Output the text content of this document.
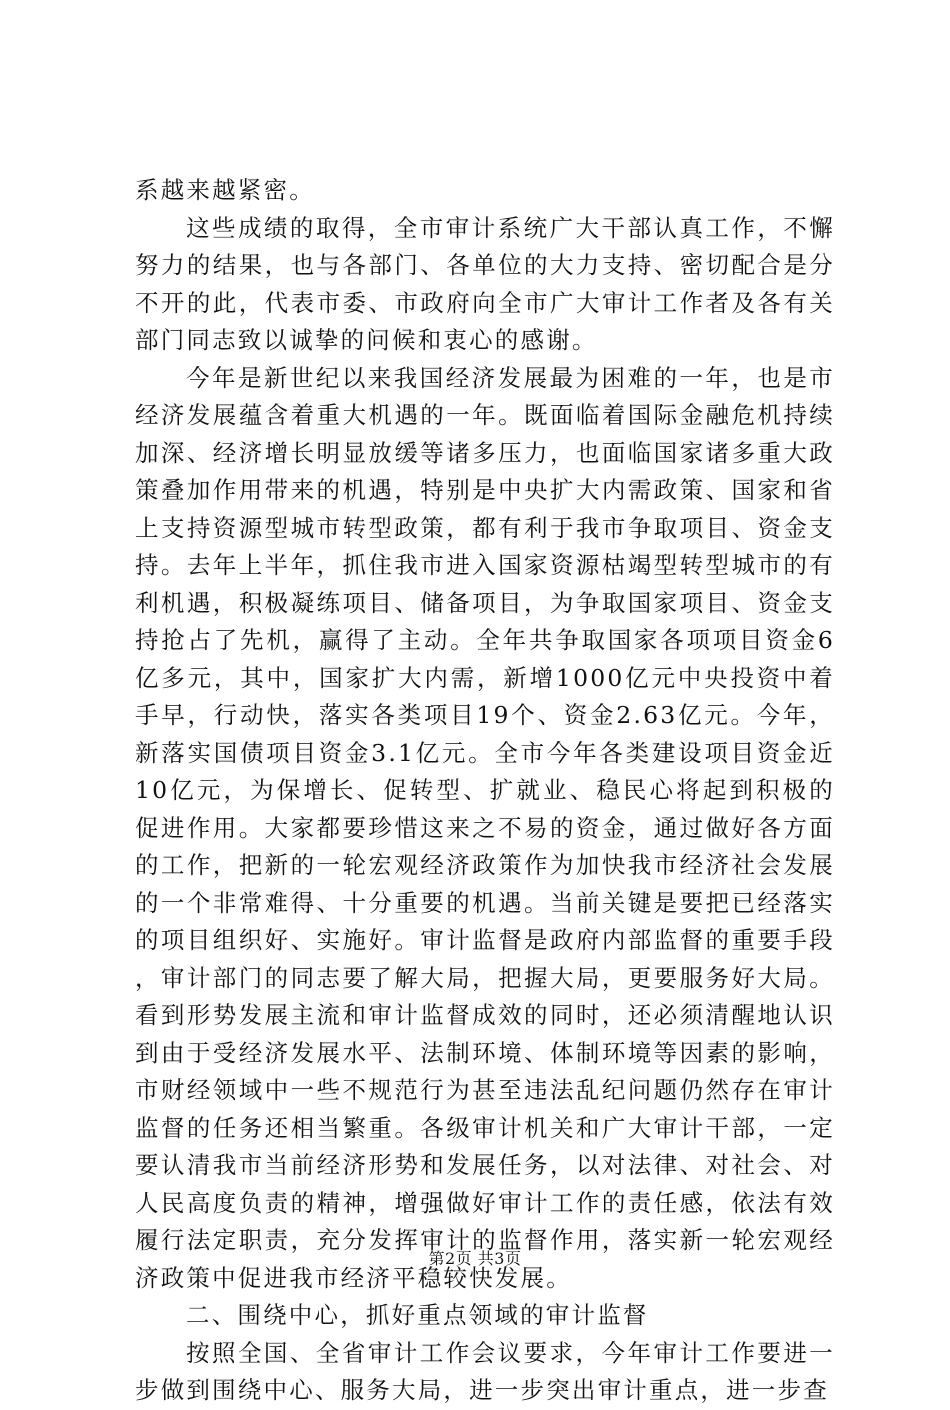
系越来越紧密。

这些成绩的取得，全市审计系统广大干部认真工作，不懈努力的结果，也与各部门、各单位的大力支持、密切配合是分不开的此，代表市委、市政府向全市广大审计工作者及各有关部门同志致以诚挚的问候和衷心的感谢。

今年是新世纪以来我国经济发展最为困难的一年，也是市经济发展蕴含着重大机遇的一年。既面临着国际金融危机持续加深、经济增长明显放缓等诸多压力，也面临国家诸多重大政策叠加作用带来的机遇，特别是中央扩大内需政策、国家和省上支持资源型城市转型政策，都有利于我市争取项目、资金支持。去年上半年，抓住我市进入国家资源枯竭型转型城市的有利机遇，积极凝练项目、储备项目，为争取国家项目、资金支持抢占了先机，赢得了主动。全年共争取国家各项项目资金6亿多元，其中，国家扩大内需，新增1000亿元中央投资中着手早，行动快，落实各类项目19个、资金2.63亿元。今年，新落实国债项目资金3.1亿元。全市今年各类建设项目资金近10亿元，为保增长、促转型、扩就业、稳民心将起到积极的促进作用。大家都要珍惜这来之不易的资金，通过做好各方面的工作，把新的一轮宏观经济政策作为加快我市经济社会发展的一个非常难得、十分重要的机遇。当前关键是要把已经落实的项目组织好、实施好。审计监督是政府内部监督的重要手段，审计部门的同志要了解大局，把握大局，更要服务好大局。看到形势发展主流和审计监督成效的同时，还必须清醒地认识到由于受经济发展水平、法制环境、体制环境等因素的影响，市财经领域中一些不规范行为甚至违法乱纪问题仍然存在审计监督的任务还相当繁重。各级审计机关和广大审计干部，一定要认清我市当前经济形势和发展任务，以对法律、对社会、对人民高度负责的精神，增强做好审计工作的责任感，依法有效履行法定职责，充分发挥审计的监督作用，落实新一轮宏观经济政策中促进我市经济平稳较快发展。

二、围绕中心，抓好重点领域的审计监督

按照全国、全省审计工作会议要求，今年审计工作要进一步做到围绕中心、服务大局，进一步突出审计重点，进一步查

第2页 共3页
